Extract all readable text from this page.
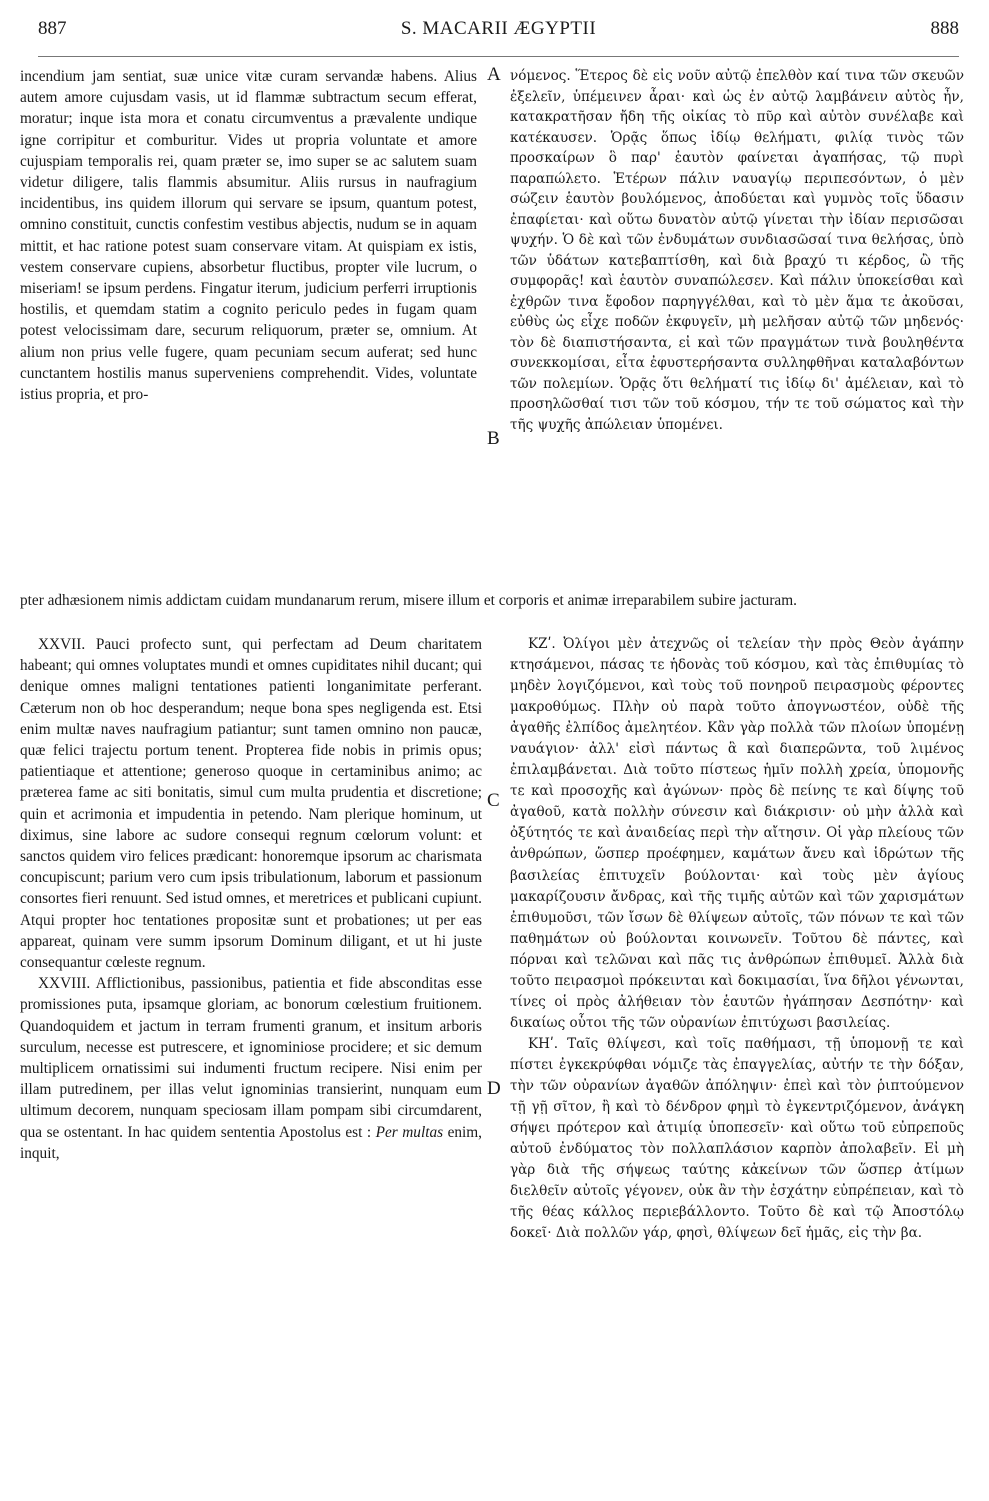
887	S. MACARII ÆGYPTII	888

incendium jam sentiat, suæ unice vitæ curam servandæ habens. Alius autem amore cujusdam vasis, ut id flammæ subtractum secum efferat, moratur; inque ista mora et conatu circumventus a prævalente undique igne corripitur et comburitur. Vides ut propria voluntate et amore cujuspiam temporalis rei, quam præter se, imo super se ac salutem suam videtur diligere, talis flammis absumitur. Aliis rursus in naufragium incidentibus, ins quidem illorum qui servare se ipsum, quantum potest, omnino constituit, cunctis confestim vestibus abjectis, nudum se in aquam mittit, et hac ratione potest suam conservare vitam. At quispiam ex istis, vestem conservare cupiens, absorbetur fluctibus, propter vile lucrum, o miseriam! se ipsum perdens. Fingatur iterum, judicium perferri irruptionis hostilis, et quemdam statim a cognito periculo pedes in fugam quam potest velocissimam dare, securum reliquorum, præter se, omnium. At alium non prius velle fugere, quam pecuniam secum auferat; sed hunc cunctantem hostilis manus superveniens comprehendit. Vides, voluntate istius propria, et pro-

νόμενος. Ἕτερος δὲ εἰς νοῦν αὐτῷ ἐπελθὸν καί τινα τῶν σκευῶν ἐξελεῖν, ὑπέμεινεν ἆραι· καὶ ὡς ἐν αὐτῷ λαμβάνειν αὐτὸς ἦν, κατακρατῆσαν ἤδη τῆς οἰκίας τὸ πῦρ καὶ αὐτὸν συνέλαβε καὶ κατέκαυσεν. Ὁρᾷς ὅπως ἰδίῳ θελήματι, φιλίᾳ τινὸς τῶν προσκαίρων ὃ παρ' ἑαυτὸν φαίνεται ἀγαπήσας, τῷ πυρὶ παραπώλετο. Ἑτέρων πάλιν ναυαγίῳ περιπεσόντων, ὁ μὲν σώζειν ἑαυτὸν βουλόμενος, ἀποδύεται καὶ γυμνὸς τοῖς ὕδασιν ἐπαφίεται· καὶ οὕτω δυνατὸν αὐτῷ γίνεται τὴν ἰδίαν περισῶσαι ψυχήν. Ὁ δὲ καὶ τῶν ἐνδυμάτων συνδιασῶσαί τινα θελήσας, ὑπὸ τῶν ὑδάτων κατεβαπτίσθη, καὶ διὰ βραχύ τι κέρδος, ὢ τῆς συμφορᾶς! καὶ ἑαυτὸν συναπώλεσεν. Καὶ πάλιν ὑποκείσθαι καὶ ἐχθρῶν τινα ἔφοδον παρηγγέλθαι, καὶ τὸ μὲν ἅμα τε ἀκοῦσαι, εὐθὺς ὡς εἶχε ποδῶν ἐκφυγεῖν, μὴ μελῆσαν αὐτῷ τῶν μηδενός· τὸν δὲ διαπιστήσαντα, εἰ καὶ τῶν πραγμάτων τινὰ βουληθέντα συνεκκομίσαι, εἶτα ἐφυστερήσαντα συλληφθῆναι καταλαβόντων τῶν πολεμίων. Ὁρᾷς ὅτι θελήματί τις ἰδίῳ δι' ἀμέλειαν, καὶ τὸ προσηλῶσθαί τισι τῶν τοῦ κόσμου, τήν τε τοῦ σώματος καὶ τὴν τῆς ψυχῆς ἀπώλειαν ὑπομένει.

A
B

pter adhæsionem nimis addictam cuidam mundanarum rerum, misere illum et corporis et animæ irreparabilem subire jacturam.

XXVII. Pauci profecto sunt, qui perfectam ad Deum charitatem habeant; qui omnes voluptates mundi et omnes cupiditates nihil ducant; qui denique omnes maligni tentationes patienti longanimitate perferant. Cæterum non ob hoc desperandum; neque bona spes negligenda est. Etsi enim multæ naves naufragium patiantur; sunt tamen omnino non paucæ, quæ felici trajectu portum tenent. Propterea fide nobis in primis opus; patientiaque et attentione; generoso quoque in certaminibus animo; ac præterea fame ac siti bonitatis, simul cum multa prudentia et discretione; quin et acrimonia et impudentia in petendo. Nam plerique hominum, ut diximus, sine labore ac sudore consequi regnum cœlorum volunt: et sanctos quidem viro felices prædicant: honoremque ipsorum ac charismata concupiscunt; parium vero cum ipsis tribulationum, laborum et passionum consortes fieri renuunt. Sed istud omnes, et meretrices et publicani cupiunt. Atqui propter hoc tentationes propositæ sunt et probationes; ut per eas appareat, quinam vere summ ipsorum Dominum diligant, et ut hi juste consequantur cœleste regnum.

XXVIII. Afflictionibus, passionibus, patientia et fide absconditas esse promissiones puta, ipsamque gloriam, ac bonorum cœlestium fruitionem. Quandoquidem et jactum in terram frumenti granum, et insitum arboris surculum, necesse est putrescere, et ignominiose procidere; et sic demum multiplicem ornatissimi sui indumenti fructum recipere. Nisi enim per illam putredinem, per illas velut ignominias transierint, nunquam eum ultimum decorem, nunquam speciosam illam pompam sibi circumdarent, qua se ostentant. In hac quidem sententia Apostolus est : Per multas enim, inquit,

ΚΖʹ. Ὀλίγοι μὲν ἀτεχνῶς οἱ τελείαν τὴν πρὸς Θεὸν ἀγάπην κτησάμενοι, πάσας τε ἡδονὰς τοῦ κόσμου, καὶ τὰς ἐπιθυμίας τὸ μηδὲν λογιζόμενοι, καὶ τοὺς τοῦ πονηροῦ πειρασμοὺς φέροντες μακροθύμως. Πλὴν οὐ παρὰ τοῦτο ἀπογνωστέον, οὐδὲ τῆς ἀγαθῆς ἐλπίδος ἀμελητέον. Κἂν γὰρ πολλὰ τῶν πλοίων ὑπομένῃ ναυάγιον· ἀλλ' εἰσὶ πάντως ἃ καὶ διαπερῶντα, τοῦ λιμένος ἐπιλαμβάνεται. Διὰ τοῦτο πίστεως ἡμῖν πολλὴ χρεία, ὑπομονῆς τε καὶ προσοχῆς καὶ ἀγώνων· πρὸς δὲ πείνης τε καὶ δίψης τοῦ ἀγαθοῦ, κατὰ πολλὴν σύνεσιν καὶ διάκρισιν· οὐ μὴν ἀλλὰ καὶ ὀξύτητός τε καὶ ἀναιδείας περὶ τὴν αἴτησιν. Οἱ γὰρ πλείους τῶν ἀνθρώπων, ὥσπερ προέφημεν, καμάτων ἄνευ καὶ ἱδρώτων τῆς βασιλείας ἐπιτυχεῖν βούλονται· καὶ τοὺς μὲν ἁγίους μακαρίζουσιν ἄνδρας, καὶ τῆς τιμῆς αὐτῶν καὶ τῶν χαρισμάτων ἐπιθυμοῦσι, τῶν ἴσων δὲ θλίψεων αὐτοῖς, τῶν πόνων τε καὶ τῶν παθημάτων οὐ βούλονται κοινωνεῖν. Τοῦτου δὲ πάντες, καὶ πόρναι καὶ τελῶναι καὶ πᾶς τις ἀνθρώπων ἐπιθυμεῖ. Ἀλλὰ διὰ τοῦτο πειρασμοὶ πρόκεινται καὶ δοκιμασίαι, ἵνα δῆλοι γένωνται, τίνες οἱ πρὸς ἀλήθειαν τὸν ἑαυτῶν ἠγάπησαν Δεσπότην· καὶ δικαίως οὗτοι τῆς τῶν οὐρανίων ἐπιτύχωσι βασιλείας.

ΚΗʹ. Ταῖς θλίψεσι, καὶ τοῖς παθήμασι, τῇ ὑπομονῇ τε καὶ πίστει ἐγκεκρύφθαι νόμιζε τὰς ἐπαγγελίας, αὐτήν τε τὴν δόξαν, τὴν τῶν οὐρανίων ἀγαθῶν ἀπόληψιν· ἐπεὶ καὶ τὸν ῥιπτούμενον τῇ γῇ σῖτον, ἢ καὶ τὸ δένδρον φημὶ τὸ ἐγκεντριζόμενον, ἀνάγκη σήψει πρότερον καὶ ἀτιμίᾳ ὑποπεσεῖν· καὶ οὕτω τοῦ εὐπρεποῦς αὐτοῦ ἐνδύματος τὸν πολλαπλάσιον καρπὸν ἀπολαβεῖν. Εἰ μὴ γὰρ διὰ τῆς σήψεως ταύτης κἀκείνων τῶν ὥσπερ ἀτίμων διελθεῖν αὐτοῖς γέγονεν, οὐκ ἂν τὴν ἐσχάτην εὐπρέπειαν, καὶ τὸ τῆς θέας κάλλος περιεβάλλοντο. Τοῦτο δὲ καὶ τῷ Ἀποστόλῳ δοκεῖ· Διὰ πολλῶν γάρ, φησὶ, θλίψεων δεῖ ἡμᾶς, εἰς τὴν βα.

C
D
